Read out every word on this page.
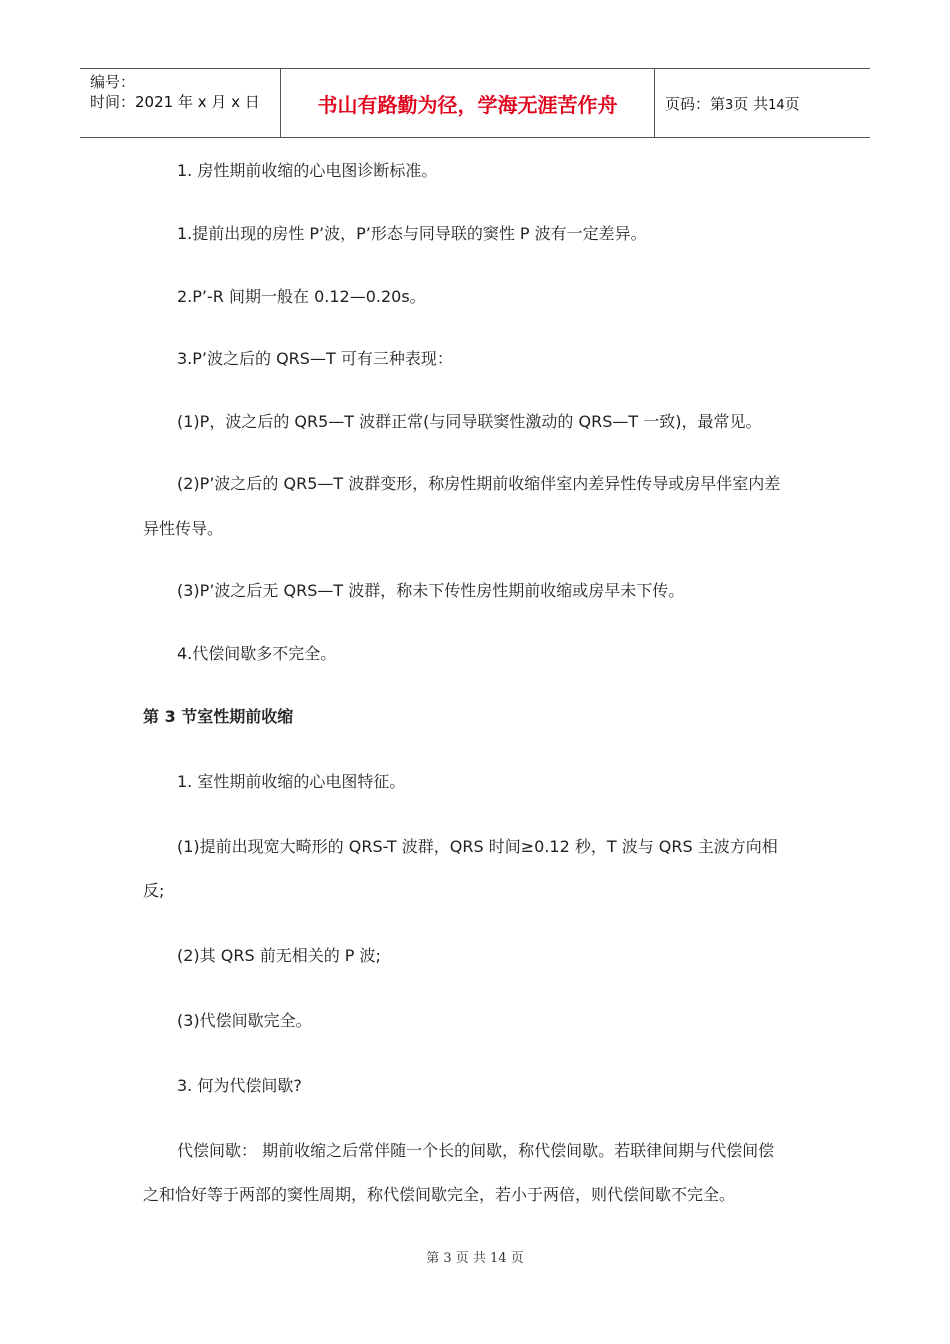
编号：
时间：2021 年 x 月 x 日	书山有路勤为径，学海无涯苦作舟	页码：第3页 共14页
1. 房性期前收缩的心电图诊断标准。
1.提前出现的房性 P’波，P’形态与同导联的窦性 P 波有一定差异。
2.P’-R 间期一般在 0.12—0.20s。
3.P’波之后的 QRS—T 可有三种表现：
(1)P，波之后的 QR5—T 波群正常(与同导联窦性激动的 QRS—T 一致)，最常见。
(2)P’波之后的 QR5—T 波群变形，称房性期前收缩伴室内差异性传导或房早伴室内差
异性传导。
(3)P’波之后无 QRS—T 波群，称未下传性房性期前收缩或房早未下传。
4.代偿间歇多不完全。
第 3 节室性期前收缩
1. 室性期前收缩的心电图特征。
(1)提前出现宽大畸形的 QRS-T 波群，QRS 时间≥0.12 秒，T 波与 QRS 主波方向相
反;
(2)其 QRS 前无相关的 P 波;
(3)代偿间歇完全。
3. 何为代偿间歇?
代偿间歇： 期前收缩之后常伴随一个长的间歇，称代偿间歇。若联律间期与代偿间偿
之和恰好等于两部的窦性周期，称代偿间歇完全，若小于两倍，则代偿间歇不完全。
第 3 页 共 14 页
